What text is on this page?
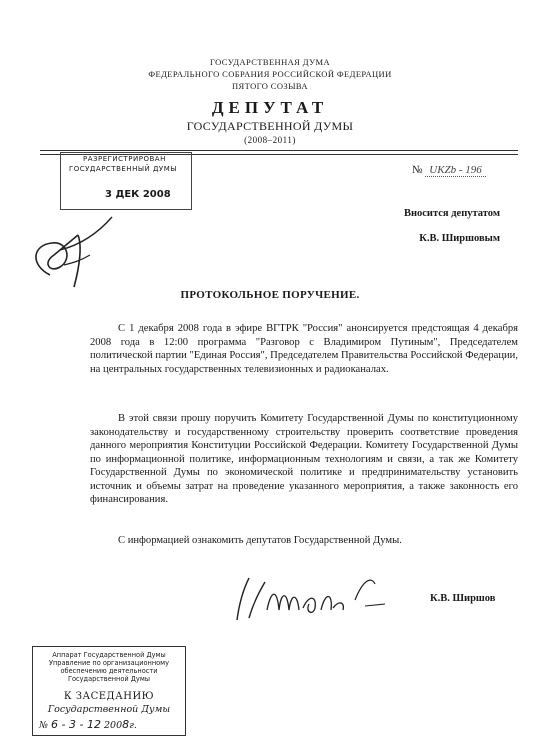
ГОСУДАРСТВЕННАЯ ДУМА
ФЕДЕРАЛЬНОГО СОБРАНИЯ РОССИЙСКОЙ ФЕДЕРАЦИИ
ПЯТОГО СОЗЫВА
ДЕПУТАТ
ГОСУДАРСТВЕННОЙ ДУМЫ
(2008–2011)
РАЗРЕГИСТРИРОВАН
ГОСУДАРСТВЕННЫЙ ДУМЫ
3 ДЕК 2008
№ UKZb - 196
Вносится депутатом
К.В. Ширшовым
ПРОТОКОЛЬНОЕ ПОРУЧЕНИЕ.

С 1 декабря 2008 года в эфире ВГТРК "Россия" анонсируется предстоящая 4 декабря 2008 года в 12:00 программа "Разговор с Владимиром Путиным", Председателем политической партии "Единая Россия", Председателем Правительства Российской Федерации, на центральных государственных телевизионных и радиоканалах.

В этой связи прошу поручить Комитету Государственной Думы по конституционному законодательству и государственному строительству проверить соответствие проведения данного мероприятия Конституции Российской Федерации. Комитету Государственной Думы по информационной политике, информационным технологиям и связи, а так же Комитету Государственной Думы по экономической политике и предпринимательству установить источник и объемы затрат на проведение указанного мероприятия, а также законность его финансирования.

С информацией ознакомить депутатов Государственной Думы.

К.В. Ширшов
Аппарат Государственной Думы
Управление по организационному
обеспечению деятельности
Государственной Думы
К ЗАСЕДАНИЮ
Государственной Думы
№ 6 - 3 - 12 2008г.
